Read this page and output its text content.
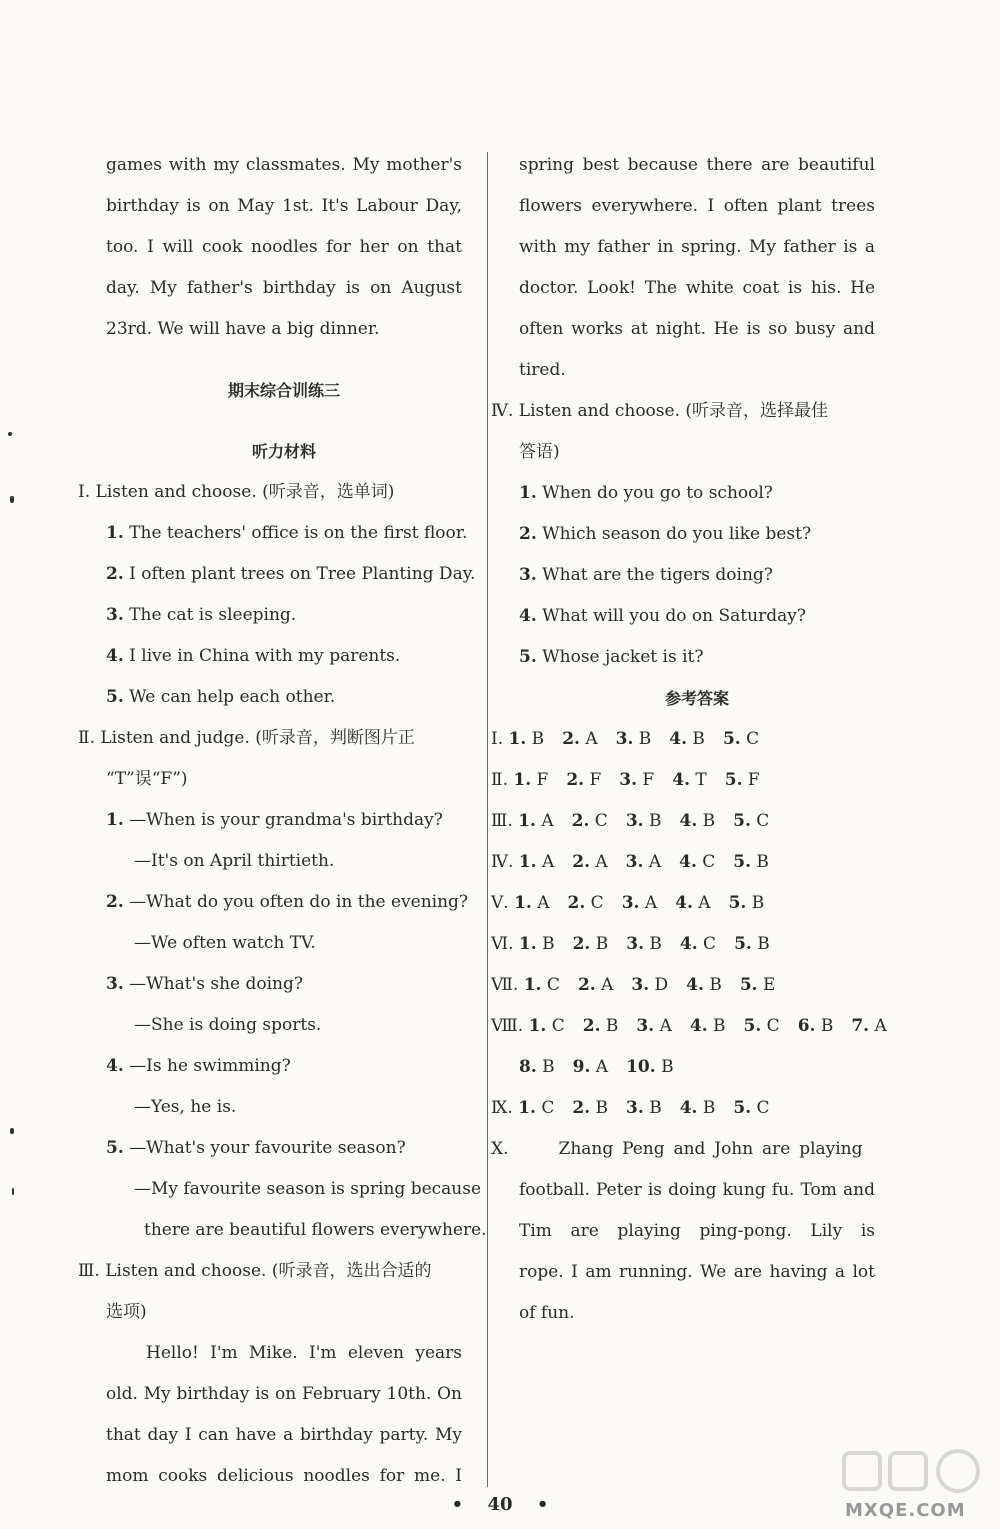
games with my classmates. My mother's
birthday is on May 1st. It's Labour Day,
too. I will cook noodles for her on that
day. My father's birthday is on August
23rd. We will have a big dinner.
期末综合训练三
听力材料
Ⅰ. Listen and choose. (听录音，选单词)
1. The teachers' office is on the first floor.
2. I often plant trees on Tree Planting Day.
3. The cat is sleeping.
4. I live in China with my parents.
5. We can help each other.
Ⅱ. Listen and judge. (听录音，判断图片正
“T”误“F”)
1. —When is your grandma's birthday?
—It's on April thirtieth.
2. —What do you often do in the evening?
—We often watch TV.
3. —What's she doing?
—She is doing sports.
4. —Is he swimming?
—Yes, he is.
5. —What's your favourite season?
—My favourite season is spring because
there are beautiful flowers everywhere.
Ⅲ. Listen and choose. (听录音，选出合适的
选项)
Hello! I'm Mike. I'm eleven years
old. My birthday is on February 10th. On
that day I can have a birthday party. My
mom cooks delicious noodles for me. I
spring best because there are beautiful
flowers everywhere. I often plant trees
with my father in spring. My father is a
doctor. Look! The white coat is his. He
often works at night. He is so busy and
tired.
Ⅳ. Listen and choose. (听录音，选择最佳
答语)
1. When do you go to school?
2. Which season do you like best?
3. What are the tigers doing?
4. What will you do on Saturday?
5. Whose jacket is it?
参考答案
Ⅰ. 1. B 2. A 3. B 4. B 5. C
Ⅱ. 1. F 2. F 3. F 4. T 5. F
Ⅲ. 1. A 2. C 3. B 4. B 5. C
Ⅳ. 1. A 2. A 3. A 4. C 5. B
Ⅴ. 1. A 2. C 3. A 4. A 5. B
Ⅵ. 1. B 2. B 3. B 4. C 5. B
Ⅶ. 1. C 2. A 3. D 4. B 5. E
Ⅷ. 1. C 2. B 3. A 4. B 5. C 6. B 7. A
8. B 9. A 10. B
Ⅸ. 1. C 2. B 3. B 4. B 5. C
Ⅹ.	Zhang Peng and John are playing
football. Peter is doing kung fu. Tom and
Tim are playing ping-pong. Lily is
rope. I am running. We are having a lot
of fun.
• 40 •	MXQE.COM
